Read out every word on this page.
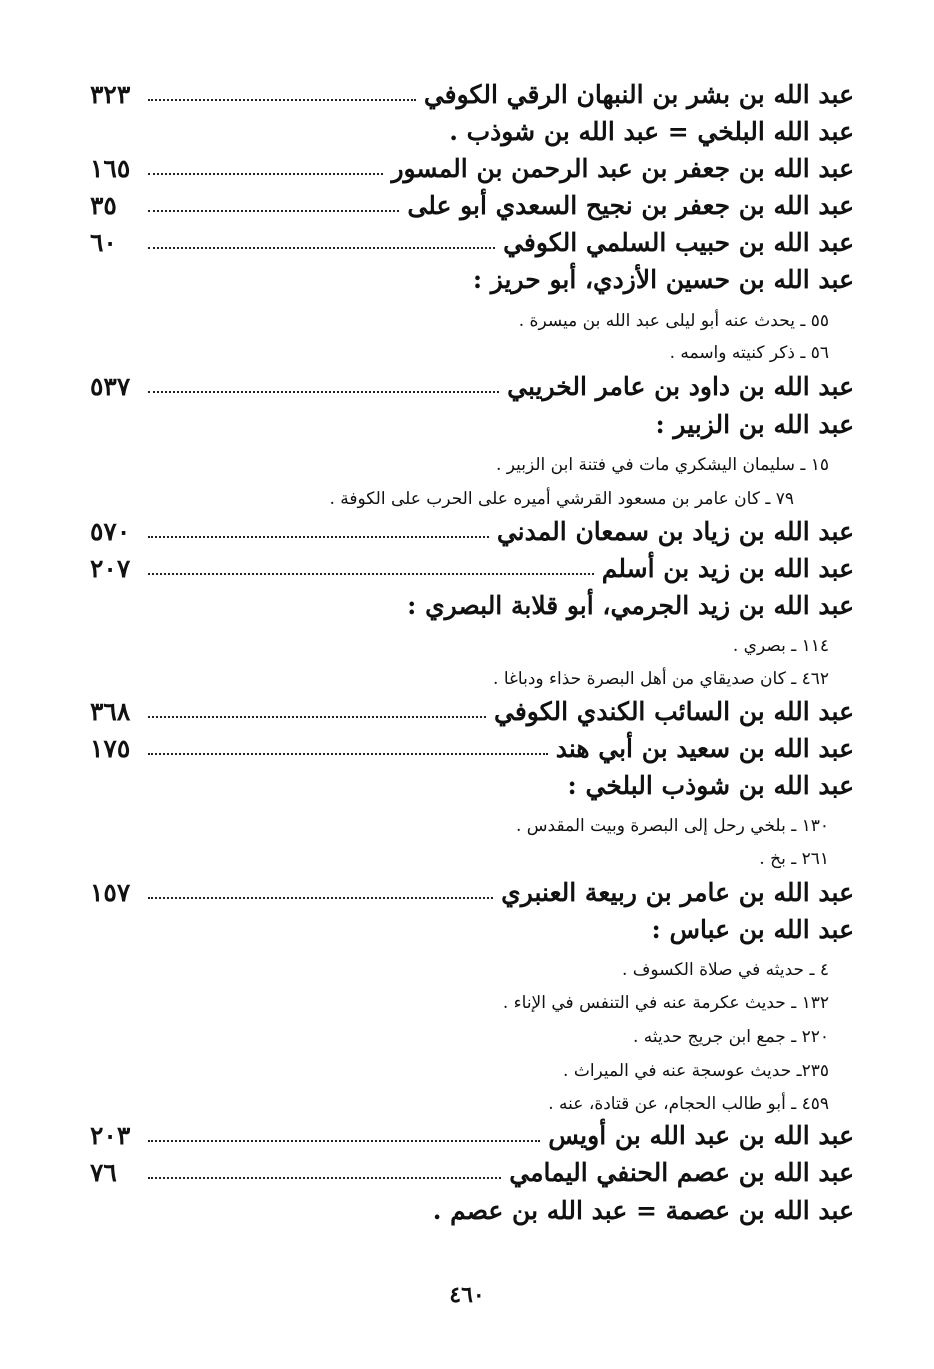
عبد الله بن بشر بن النبهان الرقي الكوفي
٣٢٣
عبد الله البلخي = عبد الله بن شوذب .
عبد الله بن جعفر بن عبد الرحمن بن المسور
١٦٥
عبد الله بن جعفر بن نجيح السعدي أبو على
٣٥
عبد الله بن حبيب السلمي الكوفي
٦٠
عبد الله بن حسين الأزدي، أبو حريز :
٥٥ ـ يحدث عنه أبو ليلى عبد الله بن ميسرة .
٥٦ ـ ذكر كنيته واسمه .
عبد الله بن داود بن عامر الخريبي
٥٣٧
عبد الله بن الزبير :
١٥ ـ سليمان اليشكري مات في فتنة ابن الزبير .
٧٩ ـ كان عامر بن مسعود القرشي أميره على الحرب على الكوفة .
عبد الله بن زياد بن سمعان المدني
٥٧٠
عبد الله بن زيد بن أسلم
٢٠٧
عبد الله بن زيد الجرمي، أبو قلابة البصري :
١١٤ ـ بصري .
٤٦٢ ـ كان صديقاي من أهل البصرة حذاء ودباغا .
عبد الله بن السائب الكندي الكوفي
٣٦٨
عبد الله بن سعيد بن أبي هند
١٧٥
عبد الله بن شوذب البلخي :
١٣٠ ـ بلخي رحل إلى البصرة وبيت المقدس .
٢٦١ ـ بخ .
عبد الله بن عامر بن ربيعة العنبري
١٥٧
عبد الله بن عباس :
٤ ـ حديثه في صلاة الكسوف .
١٣٢ ـ حديث عكرمة عنه في التنفس في الإناء .
٢٢٠ ـ جمع ابن جريج حديثه .
٢٣٥ـ حديث عوسجة عنه في الميراث .
٤٥٩ ـ أبو طالب الحجام، عن قتادة، عنه .
عبد الله بن عبد الله بن أويس
٢٠٣
عبد الله بن عصم الحنفي اليمامي
٧٦
عبد الله بن عصمة = عبد الله بن عصم .
٤٦٠
